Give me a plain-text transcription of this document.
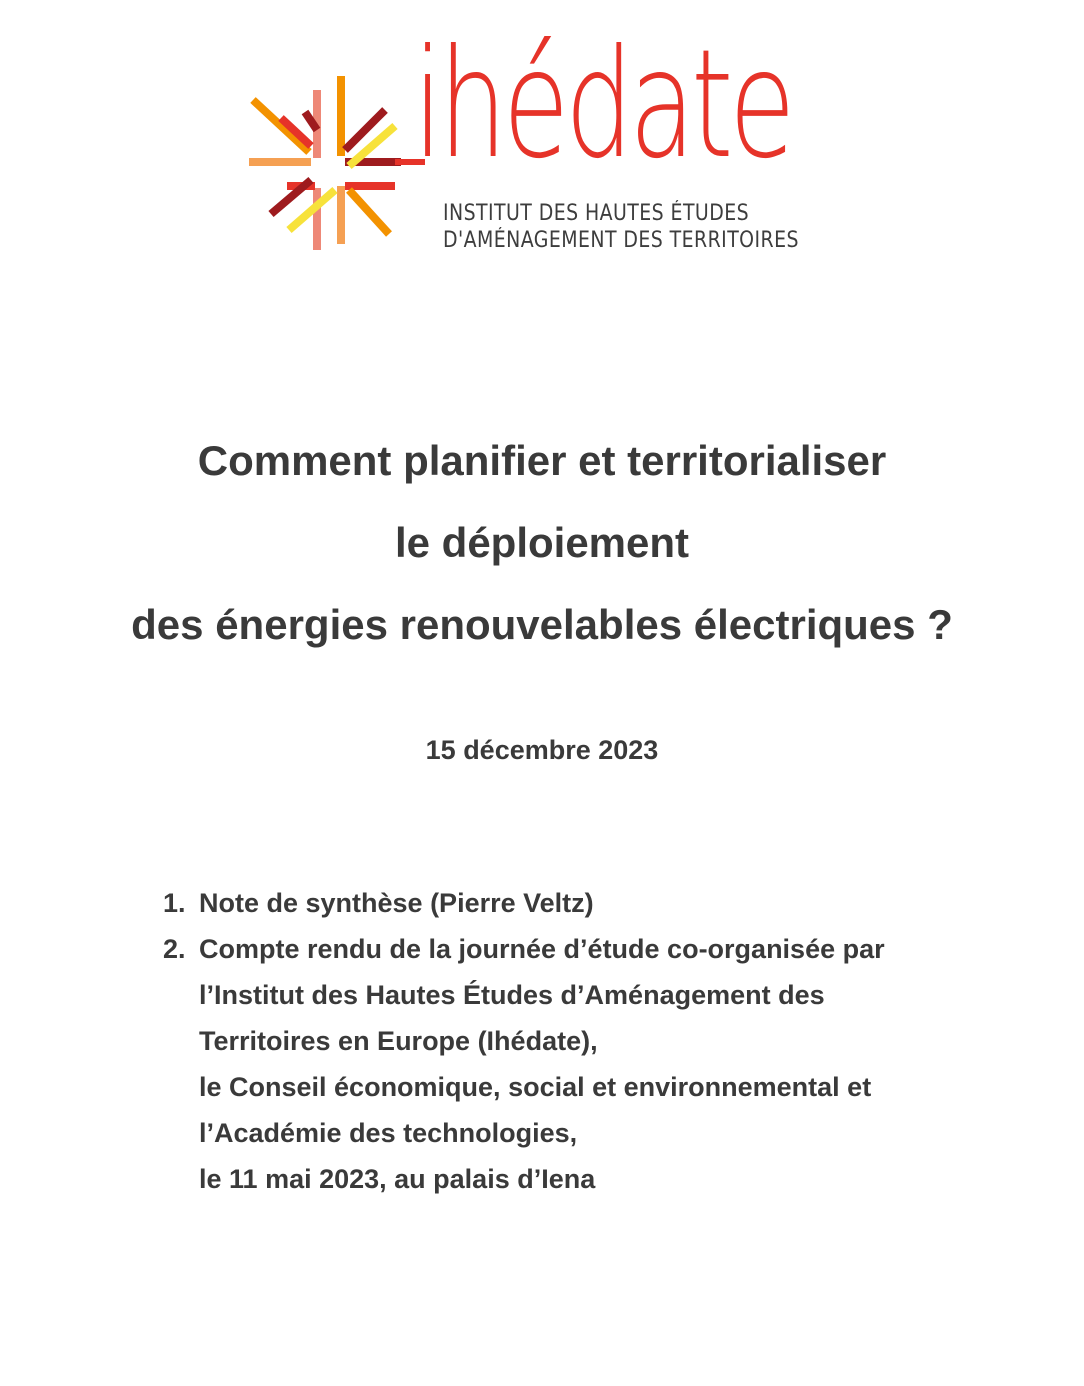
ihédate
INSTITUT DES HAUTES ÉTUDES
D'AMÉNAGEMENT DES TERRITOIRES
Comment planifier et territorialiser
le déploiement
des énergies renouvelables électriques ?
15 décembre 2023
1. Note de synthèse (Pierre Veltz)
2. Compte rendu de la journée d’étude co-organisée par
l’Institut des Hautes Études d’Aménagement des
Territoires en Europe (Ihédate),
le Conseil économique, social et environnemental et
l’Académie des technologies,
le 11 mai 2023, au palais d’Iena
